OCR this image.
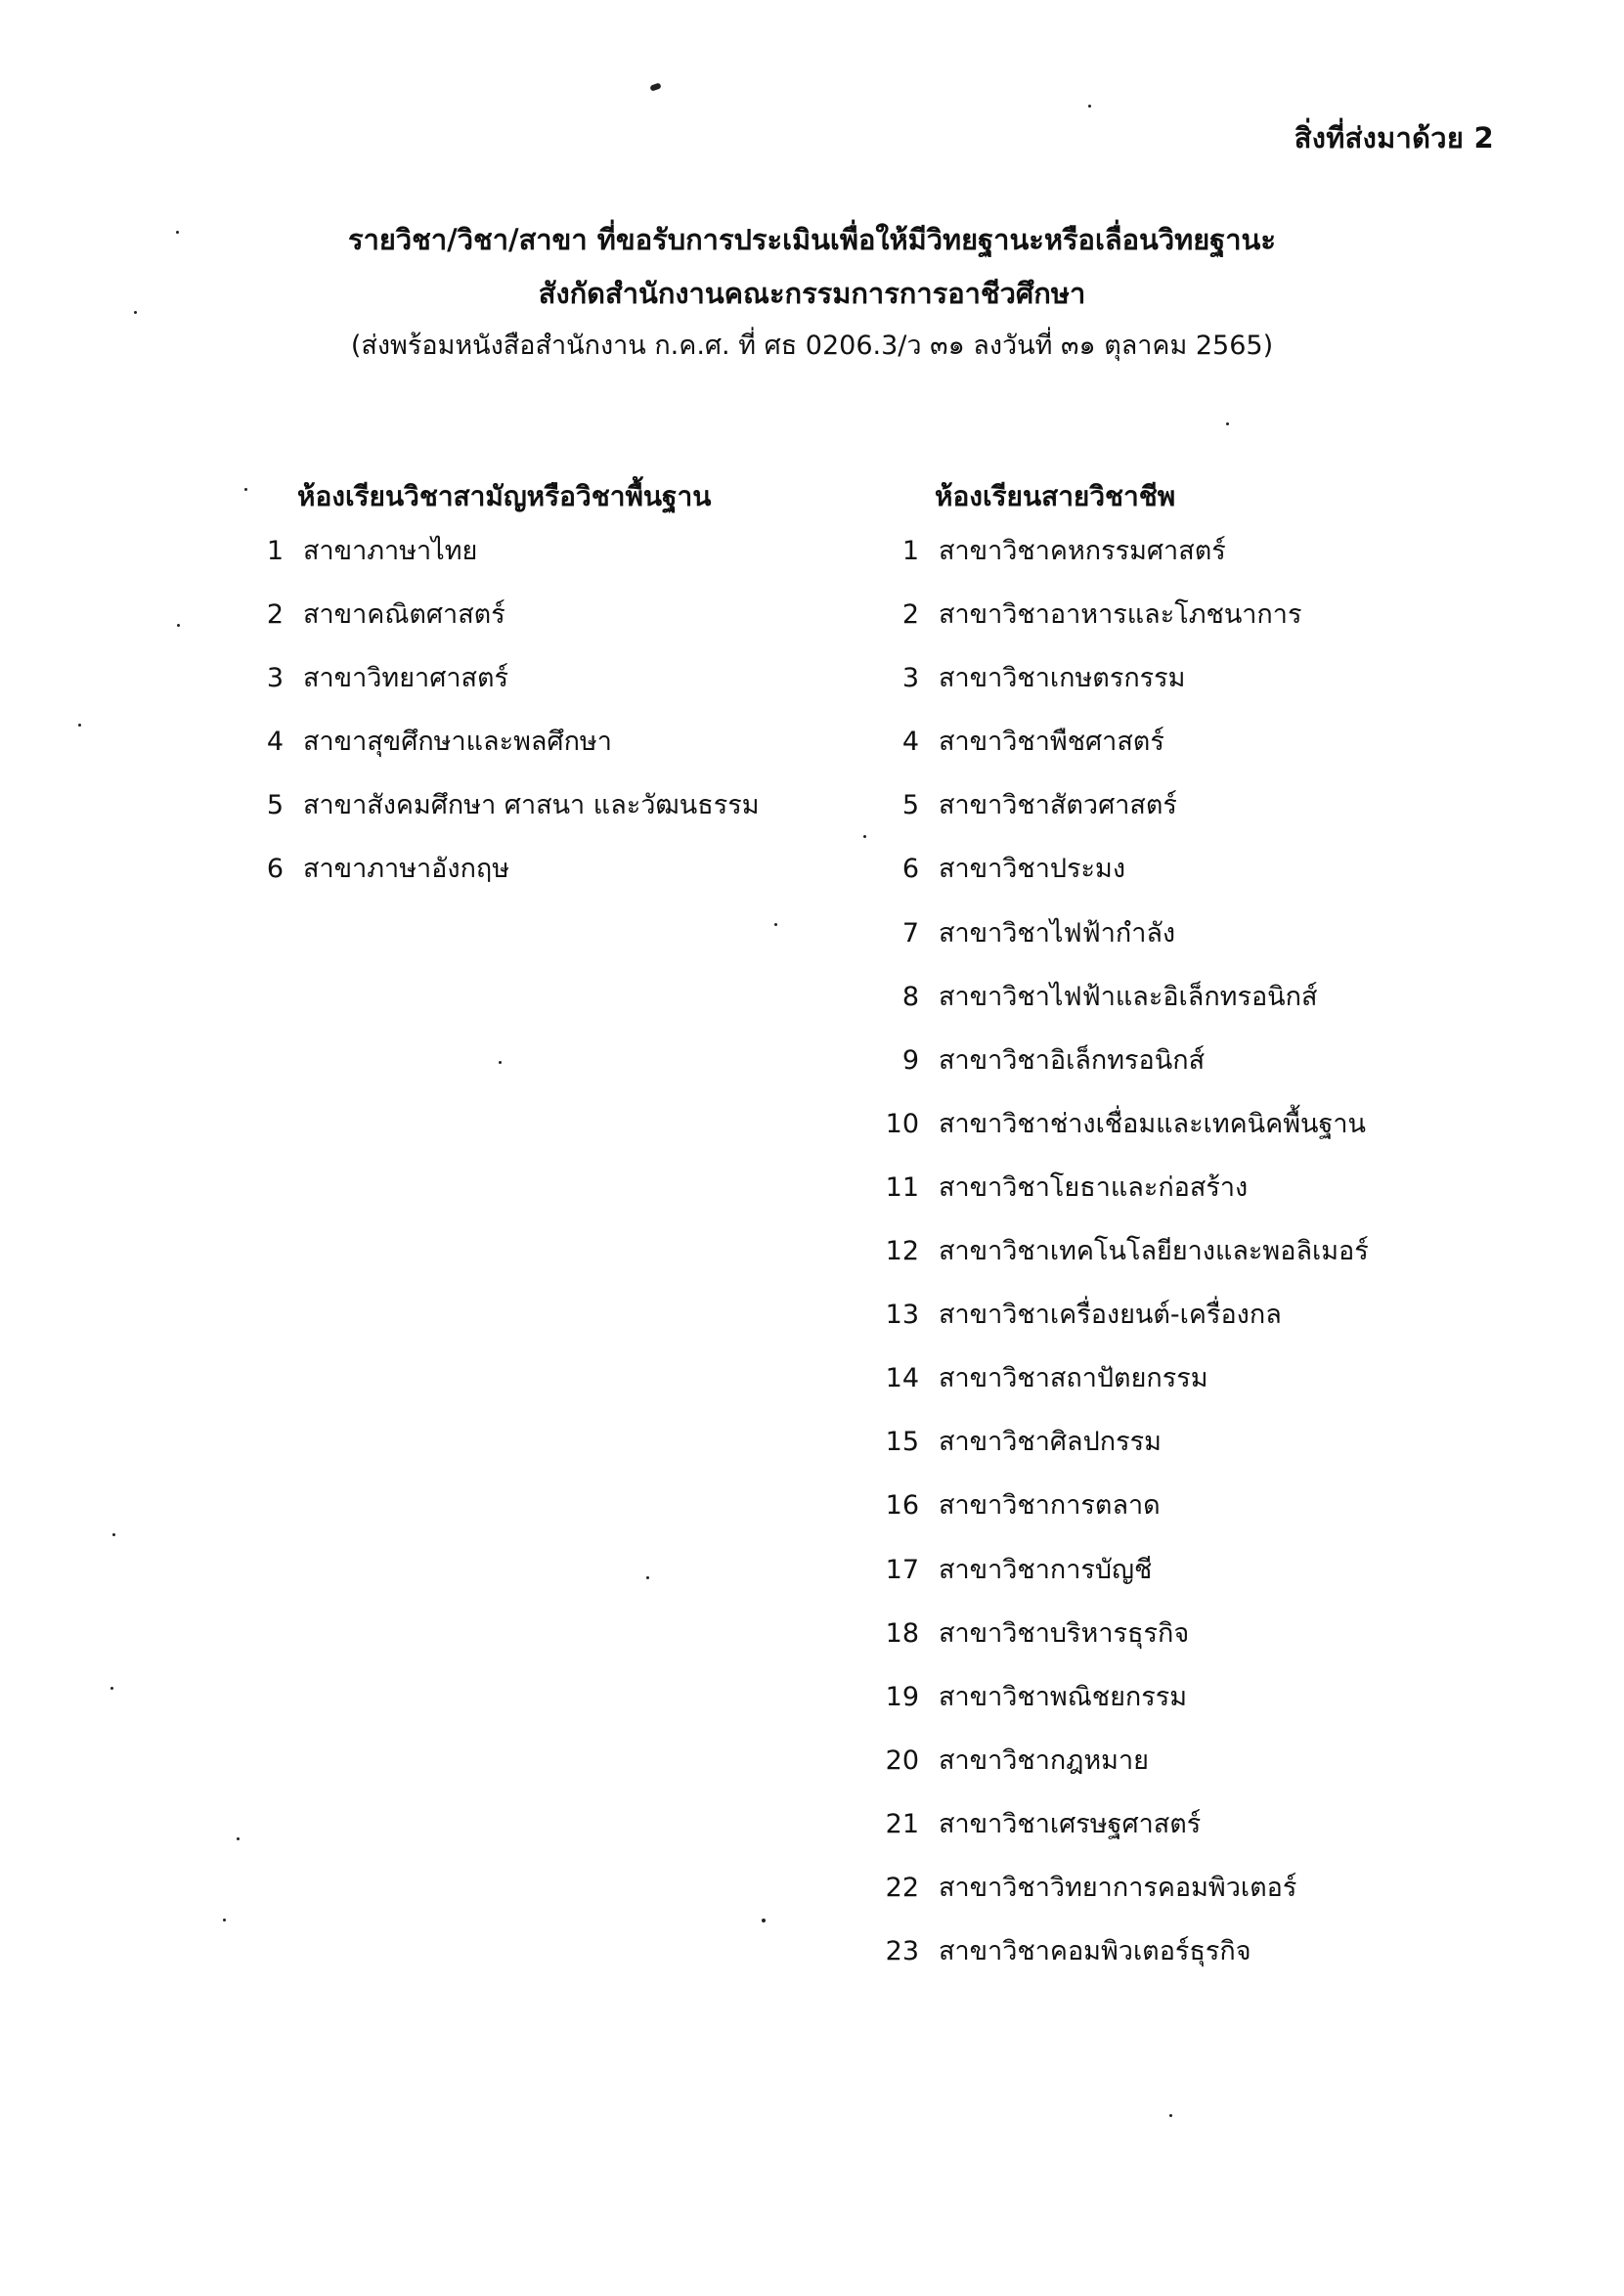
สิ่งที่ส่งมาด้วย 2
รายวิชา/วิชา/สาขา ที่ขอรับการประเมินเพื่อให้มีวิทยฐานะหรือเลื่อนวิทยฐานะ
สังกัดสำนักงานคณะกรรมการการอาชีวศึกษา
(ส่งพร้อมหนังสือสำนักงาน ก.ค.ศ. ที่ ศธ 0206.3/ว ๓๑ ลงวันที่ ๓๑ ตุลาคม 2565)
ห้องเรียนวิชาสามัญหรือวิชาพื้นฐาน
1 สาขาภาษาไทย
2 สาขาคณิตศาสตร์
3 สาขาวิทยาศาสตร์
4 สาขาสุขศึกษาและพลศึกษา
5 สาขาสังคมศึกษา ศาสนา และวัฒนธรรม
6 สาขาภาษาอังกฤษ
ห้องเรียนสายวิชาชีพ
1 สาขาวิชาคหกรรมศาสตร์
2 สาขาวิชาอาหารและโภชนาการ
3 สาขาวิชาเกษตรกรรม
4 สาขาวิชาพืชศาสตร์
5 สาขาวิชาสัตวศาสตร์
6 สาขาวิชาประมง
7 สาขาวิชาไฟฟ้ากำลัง
8 สาขาวิชาไฟฟ้าและอิเล็กทรอนิกส์
9 สาขาวิชาอิเล็กทรอนิกส์
10 สาขาวิชาช่างเชื่อมและเทคนิคพื้นฐาน
11 สาขาวิชาโยธาและก่อสร้าง
12 สาขาวิชาเทคโนโลยียางและพอลิเมอร์
13 สาขาวิชาเครื่องยนต์-เครื่องกล
14 สาขาวิชาสถาปัตยกรรม
15 สาขาวิชาศิลปกรรม
16 สาขาวิชาการตลาด
17 สาขาวิชาการบัญชี
18 สาขาวิชาบริหารธุรกิจ
19 สาขาวิชาพณิชยกรรม
20 สาขาวิชากฎหมาย
21 สาขาวิชาเศรษฐศาสตร์
22 สาขาวิชาวิทยาการคอมพิวเตอร์
23 สาขาวิชาคอมพิวเตอร์ธุรกิจ
